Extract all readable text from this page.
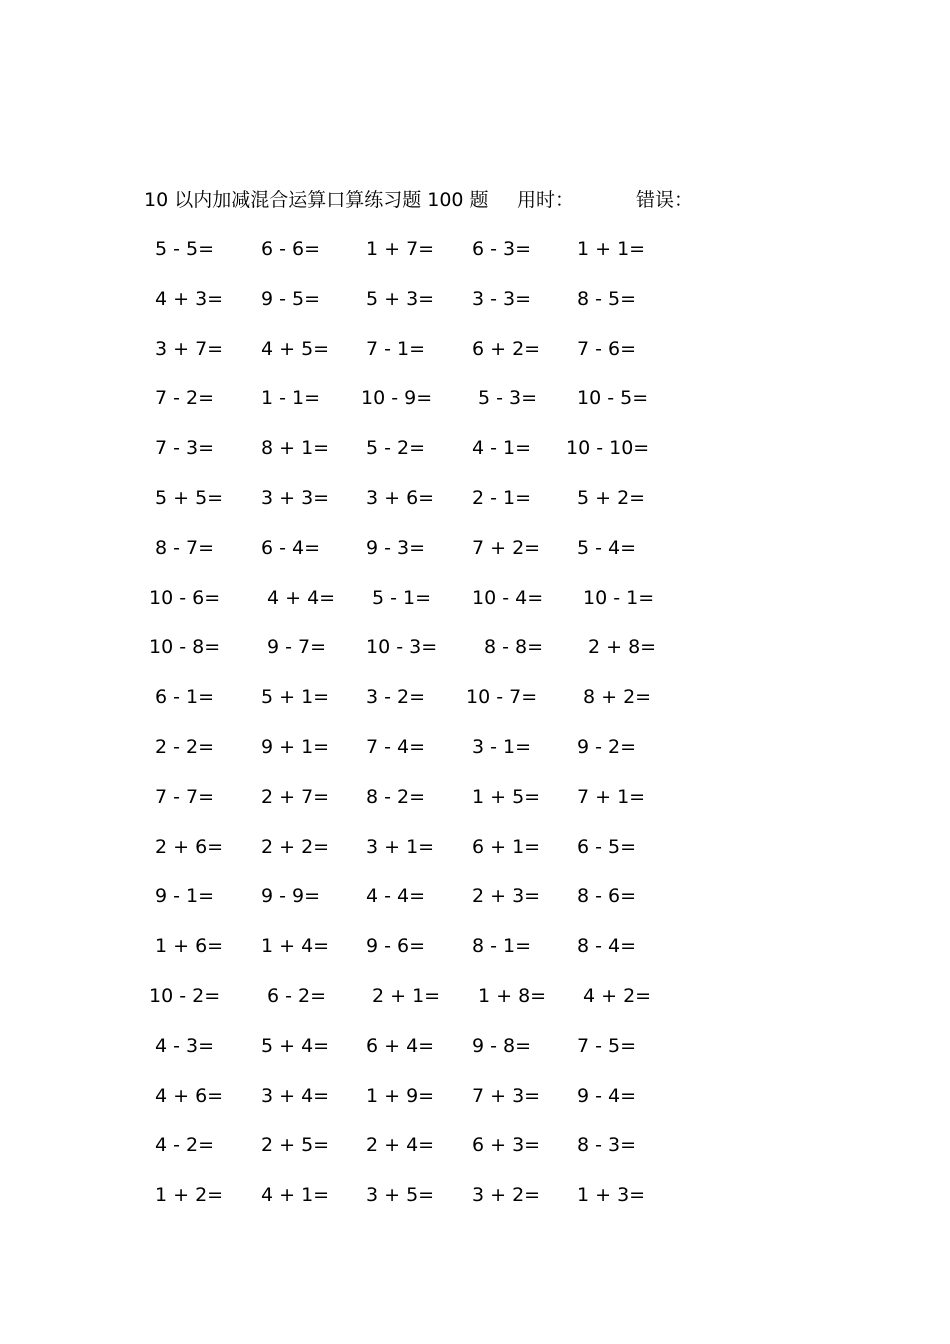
10 以内加减混合运算口算练习题 100 题 用时：	错误：
5 - 5=	6 - 6=	1 + 7=	6 - 3=	1 + 1=
4 + 3=	9 - 5=	5 + 3=	3 - 3=	8 - 5=
3 + 7=	4 + 5=	7 - 1=	6 + 2=	7 - 6=
7 - 2=	1 - 1=	10 - 9=	5 - 3=	10 - 5=
7 - 3=	8 + 1=	5 - 2=	4 - 1=	10 - 10=
5 + 5=	3 + 3=	3 + 6=	2 - 1=	5 + 2=
8 - 7=	6 - 4=	9 - 3=	7 + 2=	5 - 4=
10 - 6=	4 + 4=	5 - 1=	10 - 4=	10 - 1=
10 - 8=	9 - 7=	10 - 3=	8 - 8=	2 + 8=
6 - 1=	5 + 1=	3 - 2=	10 - 7=	8 + 2=
2 - 2=	9 + 1=	7 - 4=	3 - 1=	9 - 2=
7 - 7=	2 + 7=	8 - 2=	1 + 5=	7 + 1=
2 + 6=	2 + 2=	3 + 1=	6 + 1=	6 - 5=
9 - 1=	9 - 9=	4 - 4=	2 + 3=	8 - 6=
1 + 6=	1 + 4=	9 - 6=	8 - 1=	8 - 4=
10 - 2=	6 - 2=	2 + 1=	1 + 8=	4 + 2=
4 - 3=	5 + 4=	6 + 4=	9 - 8=	7 - 5=
4 + 6=	3 + 4=	1 + 9=	7 + 3=	9 - 4=
4 - 2=	2 + 5=	2 + 4=	6 + 3=	8 - 3=
1 + 2=	4 + 1=	3 + 5=	3 + 2=	1 + 3=
